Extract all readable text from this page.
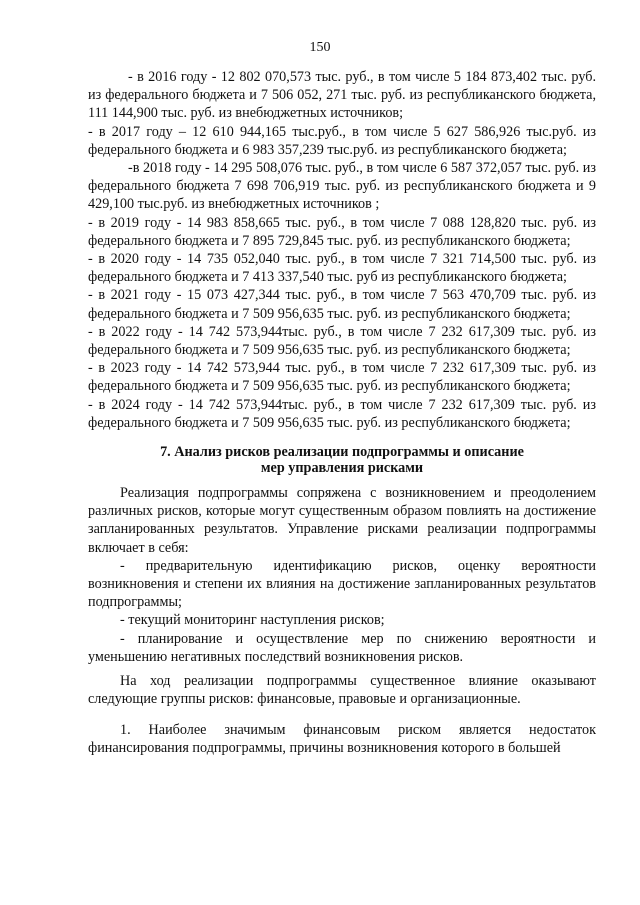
150

- в 2016 году - 12 802 070,573 тыс. руб., в том числе 5 184 873,402 тыс. руб. из федерального бюджета и 7 506 052, 271 тыс. руб. из республиканского бюджета, 111 144,900 тыс. руб. из внебюджетных источников;

- в 2017 году – 12 610 944,165 тыс.руб., в том числе 5 627 586,926 тыс.руб. из федерального бюджета и 6 983 357,239 тыс.руб. из республиканского бюджета;

-в 2018 году - 14 295 508,076 тыс. руб., в том числе 6 587 372,057 тыс. руб. из федерального бюджета 7 698 706,919 тыс. руб. из республиканского бюджета и 9 429,100 тыс.руб. из внебюджетных источников ;

- в 2019 году - 14 983 858,665 тыс. руб., в том числе 7 088 128,820 тыс. руб. из федерального бюджета и 7 895 729,845 тыс. руб. из республиканского бюджета;

- в 2020 году - 14 735 052,040 тыс. руб., в том числе 7 321 714,500 тыс. руб. из федерального бюджета и 7 413 337,540 тыс. руб из республиканского бюджета;

- в 2021 году - 15 073 427,344 тыс. руб., в том числе 7 563 470,709 тыс. руб. из федерального бюджета и 7 509 956,635 тыс. руб. из республиканского бюджета;

- в 2022 году - 14 742 573,944тыс. руб., в том числе 7 232 617,309 тыс. руб. из федерального бюджета и 7 509 956,635 тыс. руб. из республиканского бюджета;

- в 2023 году - 14 742 573,944 тыс. руб., в том числе 7 232 617,309 тыс. руб. из федерального бюджета и 7 509 956,635 тыс. руб. из республиканского бюджета;

- в 2024 году - 14 742 573,944тыс. руб., в том числе 7 232 617,309 тыс. руб. из федерального бюджета и 7 509 956,635 тыс. руб. из республиканского бюджета;

7. Анализ рисков реализации подпрограммы и описание
мер управления рисками

Реализация подпрограммы сопряжена с возникновением и преодолением различных рисков, которые могут существенным образом повлиять на достижение запланированных результатов. Управление рисками реализации подпрограммы включает в себя:

- предварительную идентификацию рисков, оценку вероятности возникновения и степени их влияния на достижение запланированных результатов подпрограммы;

- текущий мониторинг наступления рисков;

- планирование и осуществление мер по снижению вероятности и уменьшению негативных последствий возникновения рисков.

На ход реализации подпрограммы существенное влияние оказывают следующие группы рисков: финансовые, правовые и организационные.

1. Наиболее значимым финансовым риском является недостаток финансирования подпрограммы, причины возникновения которого в большей
